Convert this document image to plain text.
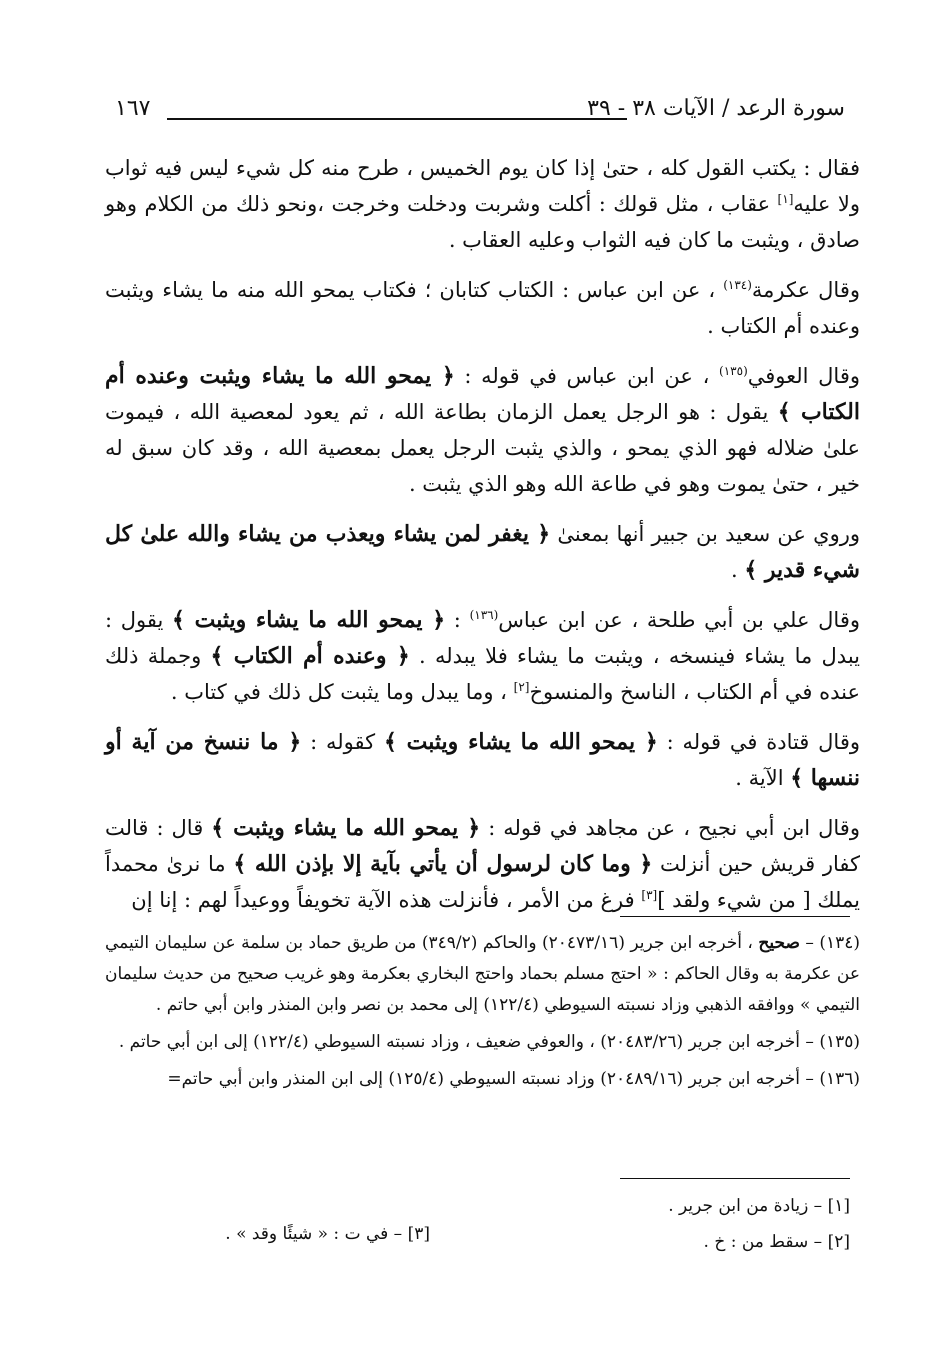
سورة الرعد / الآيات ٣٨ - ٣٩
١٦٧

فقال : يكتب القول كله ، حتىٰ إذا كان يوم الخميس ، طرح منه كل شيء ليس فيه ثواب ولا عليه[١] عقاب ، مثل قولك : أكلت وشربت ودخلت وخرجت ،ونحو ذلك من الكلام وهو صادق ، ويثبت ما كان فيه الثواب وعليه العقاب .

وقال عكرمة$^{(١٣٤)}$ ، عن ابن عباس : الكتاب كتابان ؛ فكتاب يمحو الله منه ما يشاء ويثبت وعنده أم الكتاب .

وقال العوفي$^{(١٣٥)}$ ، عن ابن عباس في قوله : ﴿ يمحو الله ما يشاء ويثبت وعنده أم الكتاب ﴾ يقول : هو الرجل يعمل الزمان بطاعة الله ، ثم يعود لمعصية الله ، فيموت علىٰ ضلاله فهو الذي يمحو ، والذي يثبت الرجل يعمل بمعصية الله ، وقد كان سبق له خير ، حتىٰ يموت وهو في طاعة الله وهو الذي يثبت .

وروي عن سعيد بن جبير أنها بمعنىٰ ﴿ يغفر لمن يشاء ويعذب من يشاء والله علىٰ كل شيء قدير ﴾ .

وقال علي بن أبي طلحة ، عن ابن عباس$^{(١٣٦)}$ : ﴿ يمحو الله ما يشاء ويثبت ﴾ يقول : يبدل ما يشاء فينسخه ، ويثبت ما يشاء فلا يبدله . ﴿ وعنده أم الكتاب ﴾ وجملة ذلك عنده في أم الكتاب ، الناسخ والمنسوخ[٢] ، وما يبدل وما يثبت كل ذلك في كتاب .

وقال قتادة في قوله : ﴿ يمحو الله ما يشاء ويثبت ﴾ كقوله : ﴿ ما ننسخ من آية أو ننسها ﴾ الآية .

وقال ابن أبي نجيح ، عن مجاهد في قوله : ﴿ يمحو الله ما يشاء ويثبت ﴾ قال : قالت كفار قريش حين أنزلت ﴿ وما كان لرسول أن يأتي بآية إلا بإذن الله ﴾ ما نرىٰ محمداً يملك [ من شيء ولقد ][٣] فرغ من الأمر ، فأنزلت هذه الآية تخويفاً ووعيداً لهم : إنا إن

(١٣٤) – صحيح ، أخرجه ابن جرير (٢٠٤٧٣/١٦) والحاكم (٣٤٩/٢) من طريق حماد بن سلمة عن سليمان التيمي عن عكرمة به وقال الحاكم : « احتج مسلم بحماد واحتج البخاري بعكرمة وهو غريب صحيح من حديث سليمان التيمي » ووافقه الذهبي وزاد نسبته السيوطي (١٢٢/٤) إلى محمد بن نصر وابن المنذر وابن أبي حاتم .

(١٣٥) – أخرجه ابن جرير (٢٠٤٨٣/٢٦) ، والعوفي ضعيف ، وزاد نسبته السيوطي (١٢٢/٤) إلى ابن أبي حاتم .

(١٣٦) – أخرجه ابن جرير (٢٠٤٨٩/١٦) وزاد نسبته السيوطي (١٢٥/٤) إلى ابن المنذر وابن أبي حاتم=

[١] – زيادة من ابن جرير .
[٢] – سقط من : خ .
[٣] – في ت : « شيئًا وقد » .
